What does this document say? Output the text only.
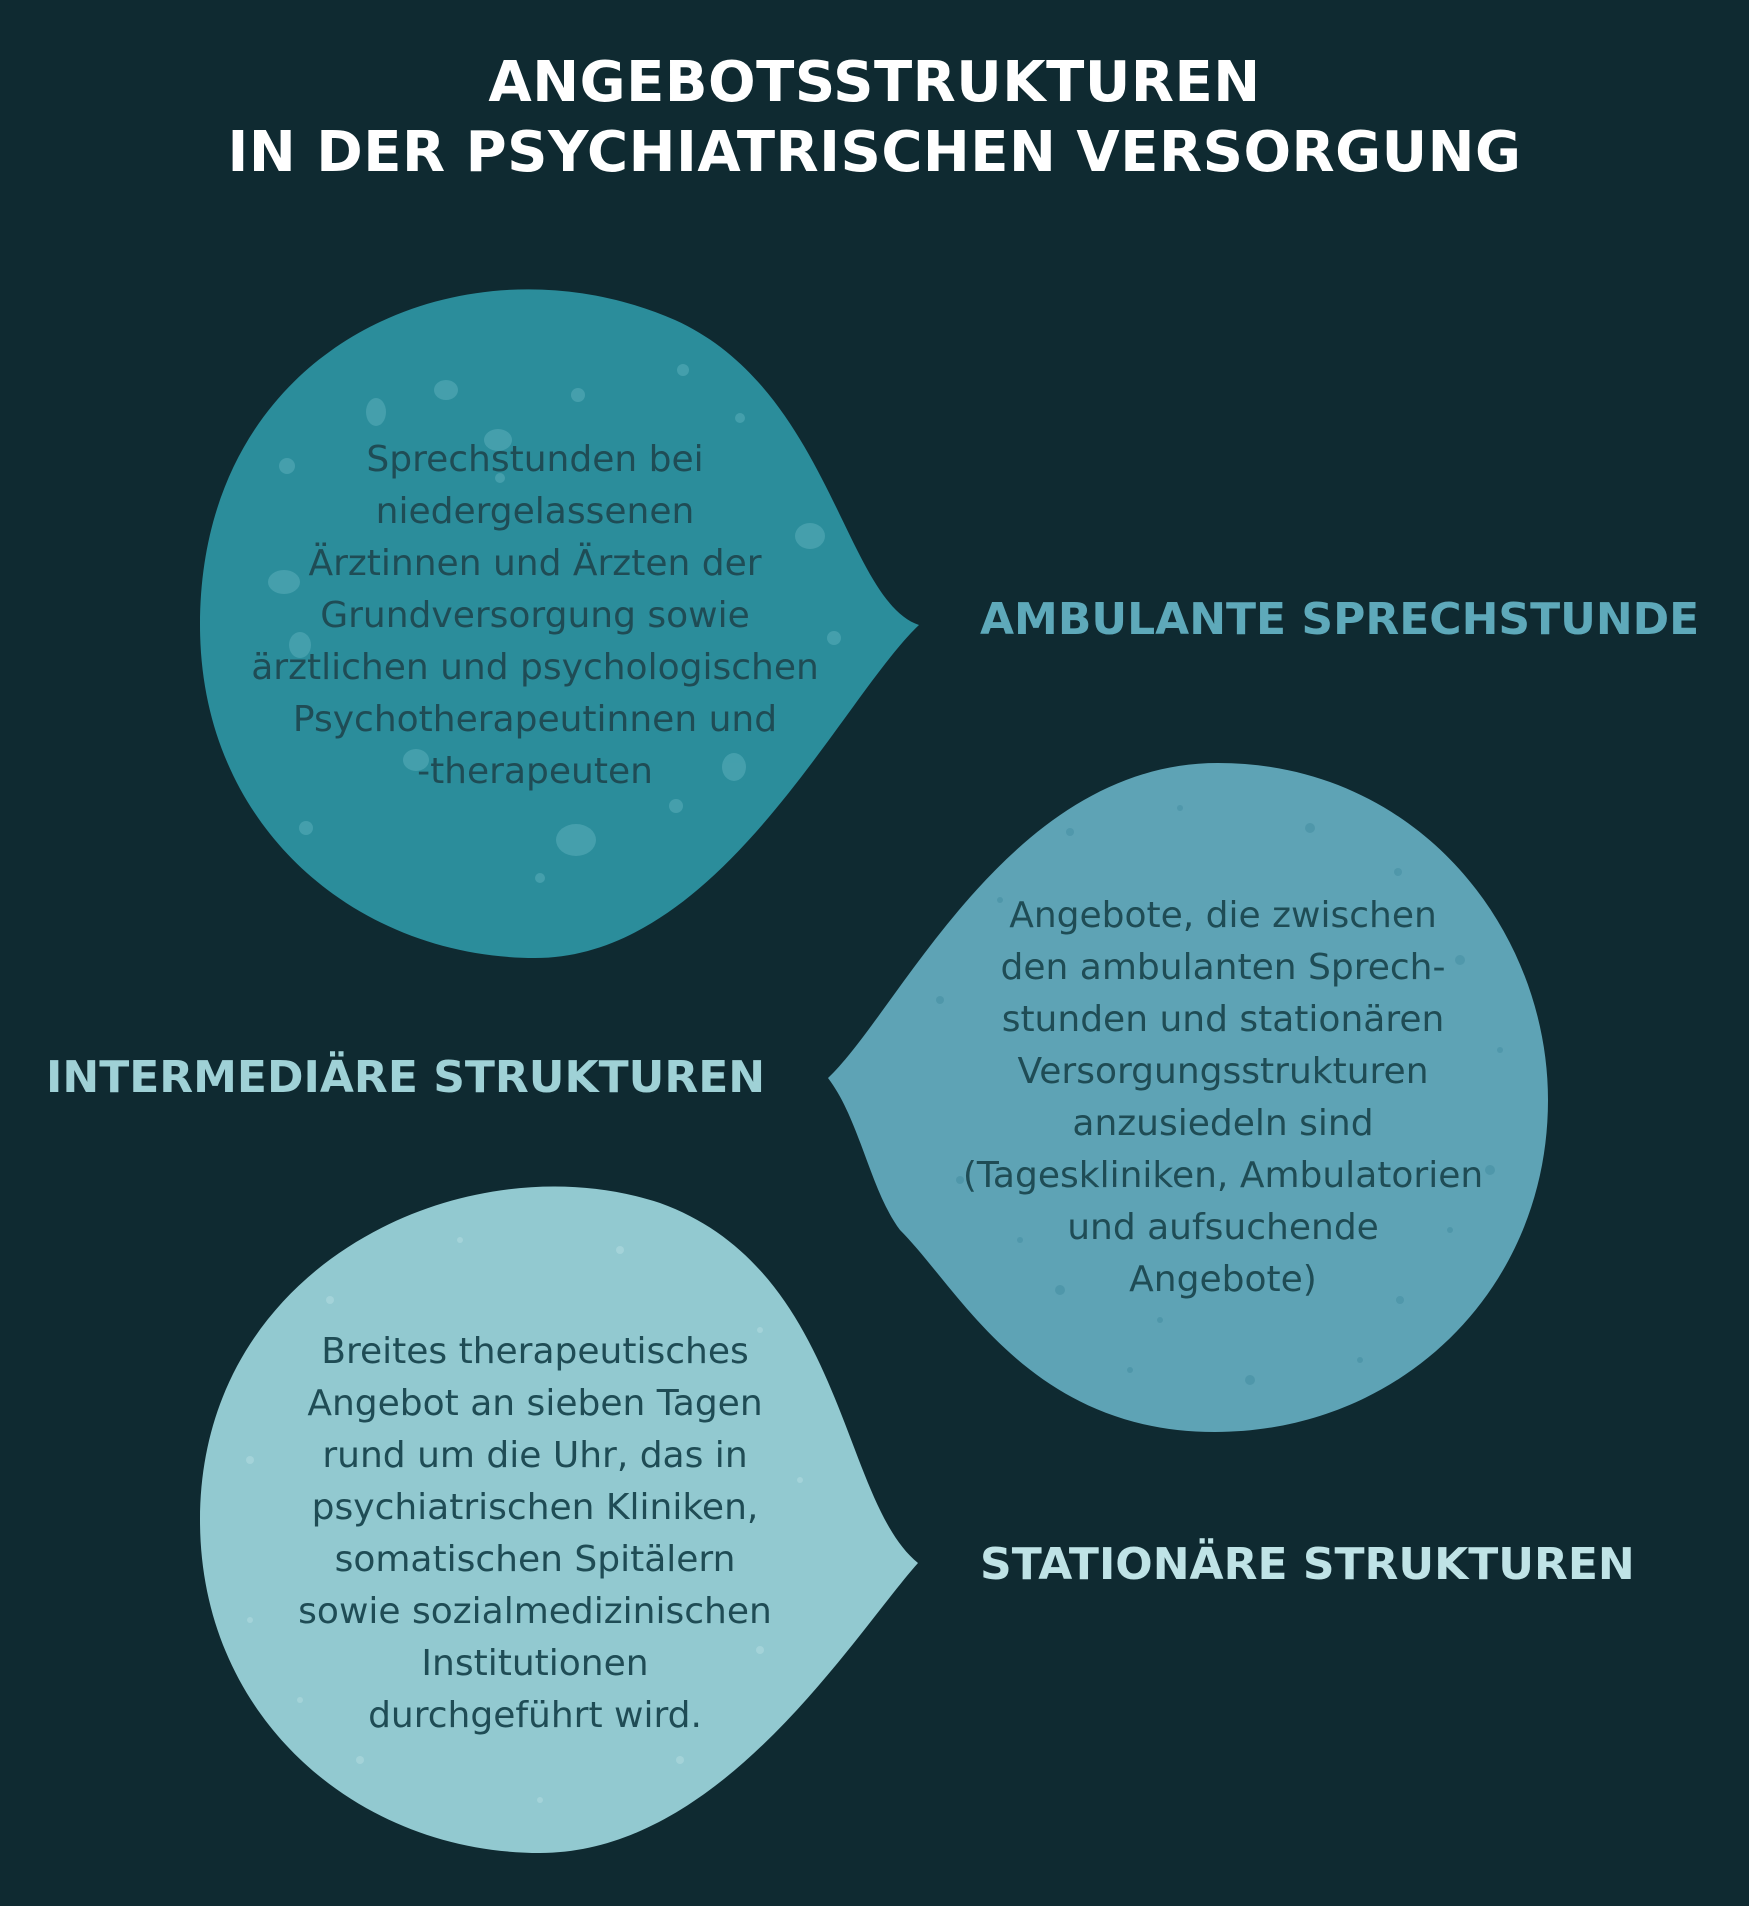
ANGEBOTSSTRUKTUREN
IN DER PSYCHIATRISCHEN VERSORGUNG
Sprechstunden bei
niedergelassenen
Ärztinnen und Ärzten der
Grundversorgung sowie
ärztlichen und psychologischen
Psychotherapeutinnen und
-therapeuten
Angebote, die zwischen
den ambulanten Sprech-
stunden und stationären
Versorgungsstrukturen
anzusiedeln sind
(Tageskliniken, Ambulatorien
und aufsuchende
Angebote)
Breites therapeutisches
Angebot an sieben Tagen
rund um die Uhr, das in
psychiatrischen Kliniken,
somatischen Spitälern
sowie sozialmedizinischen
Institutionen
durchgeführt wird.
AMBULANTE SPRECHSTUNDE
INTERMEDIÄRE STRUKTUREN
STATIONÄRE STRUKTUREN
